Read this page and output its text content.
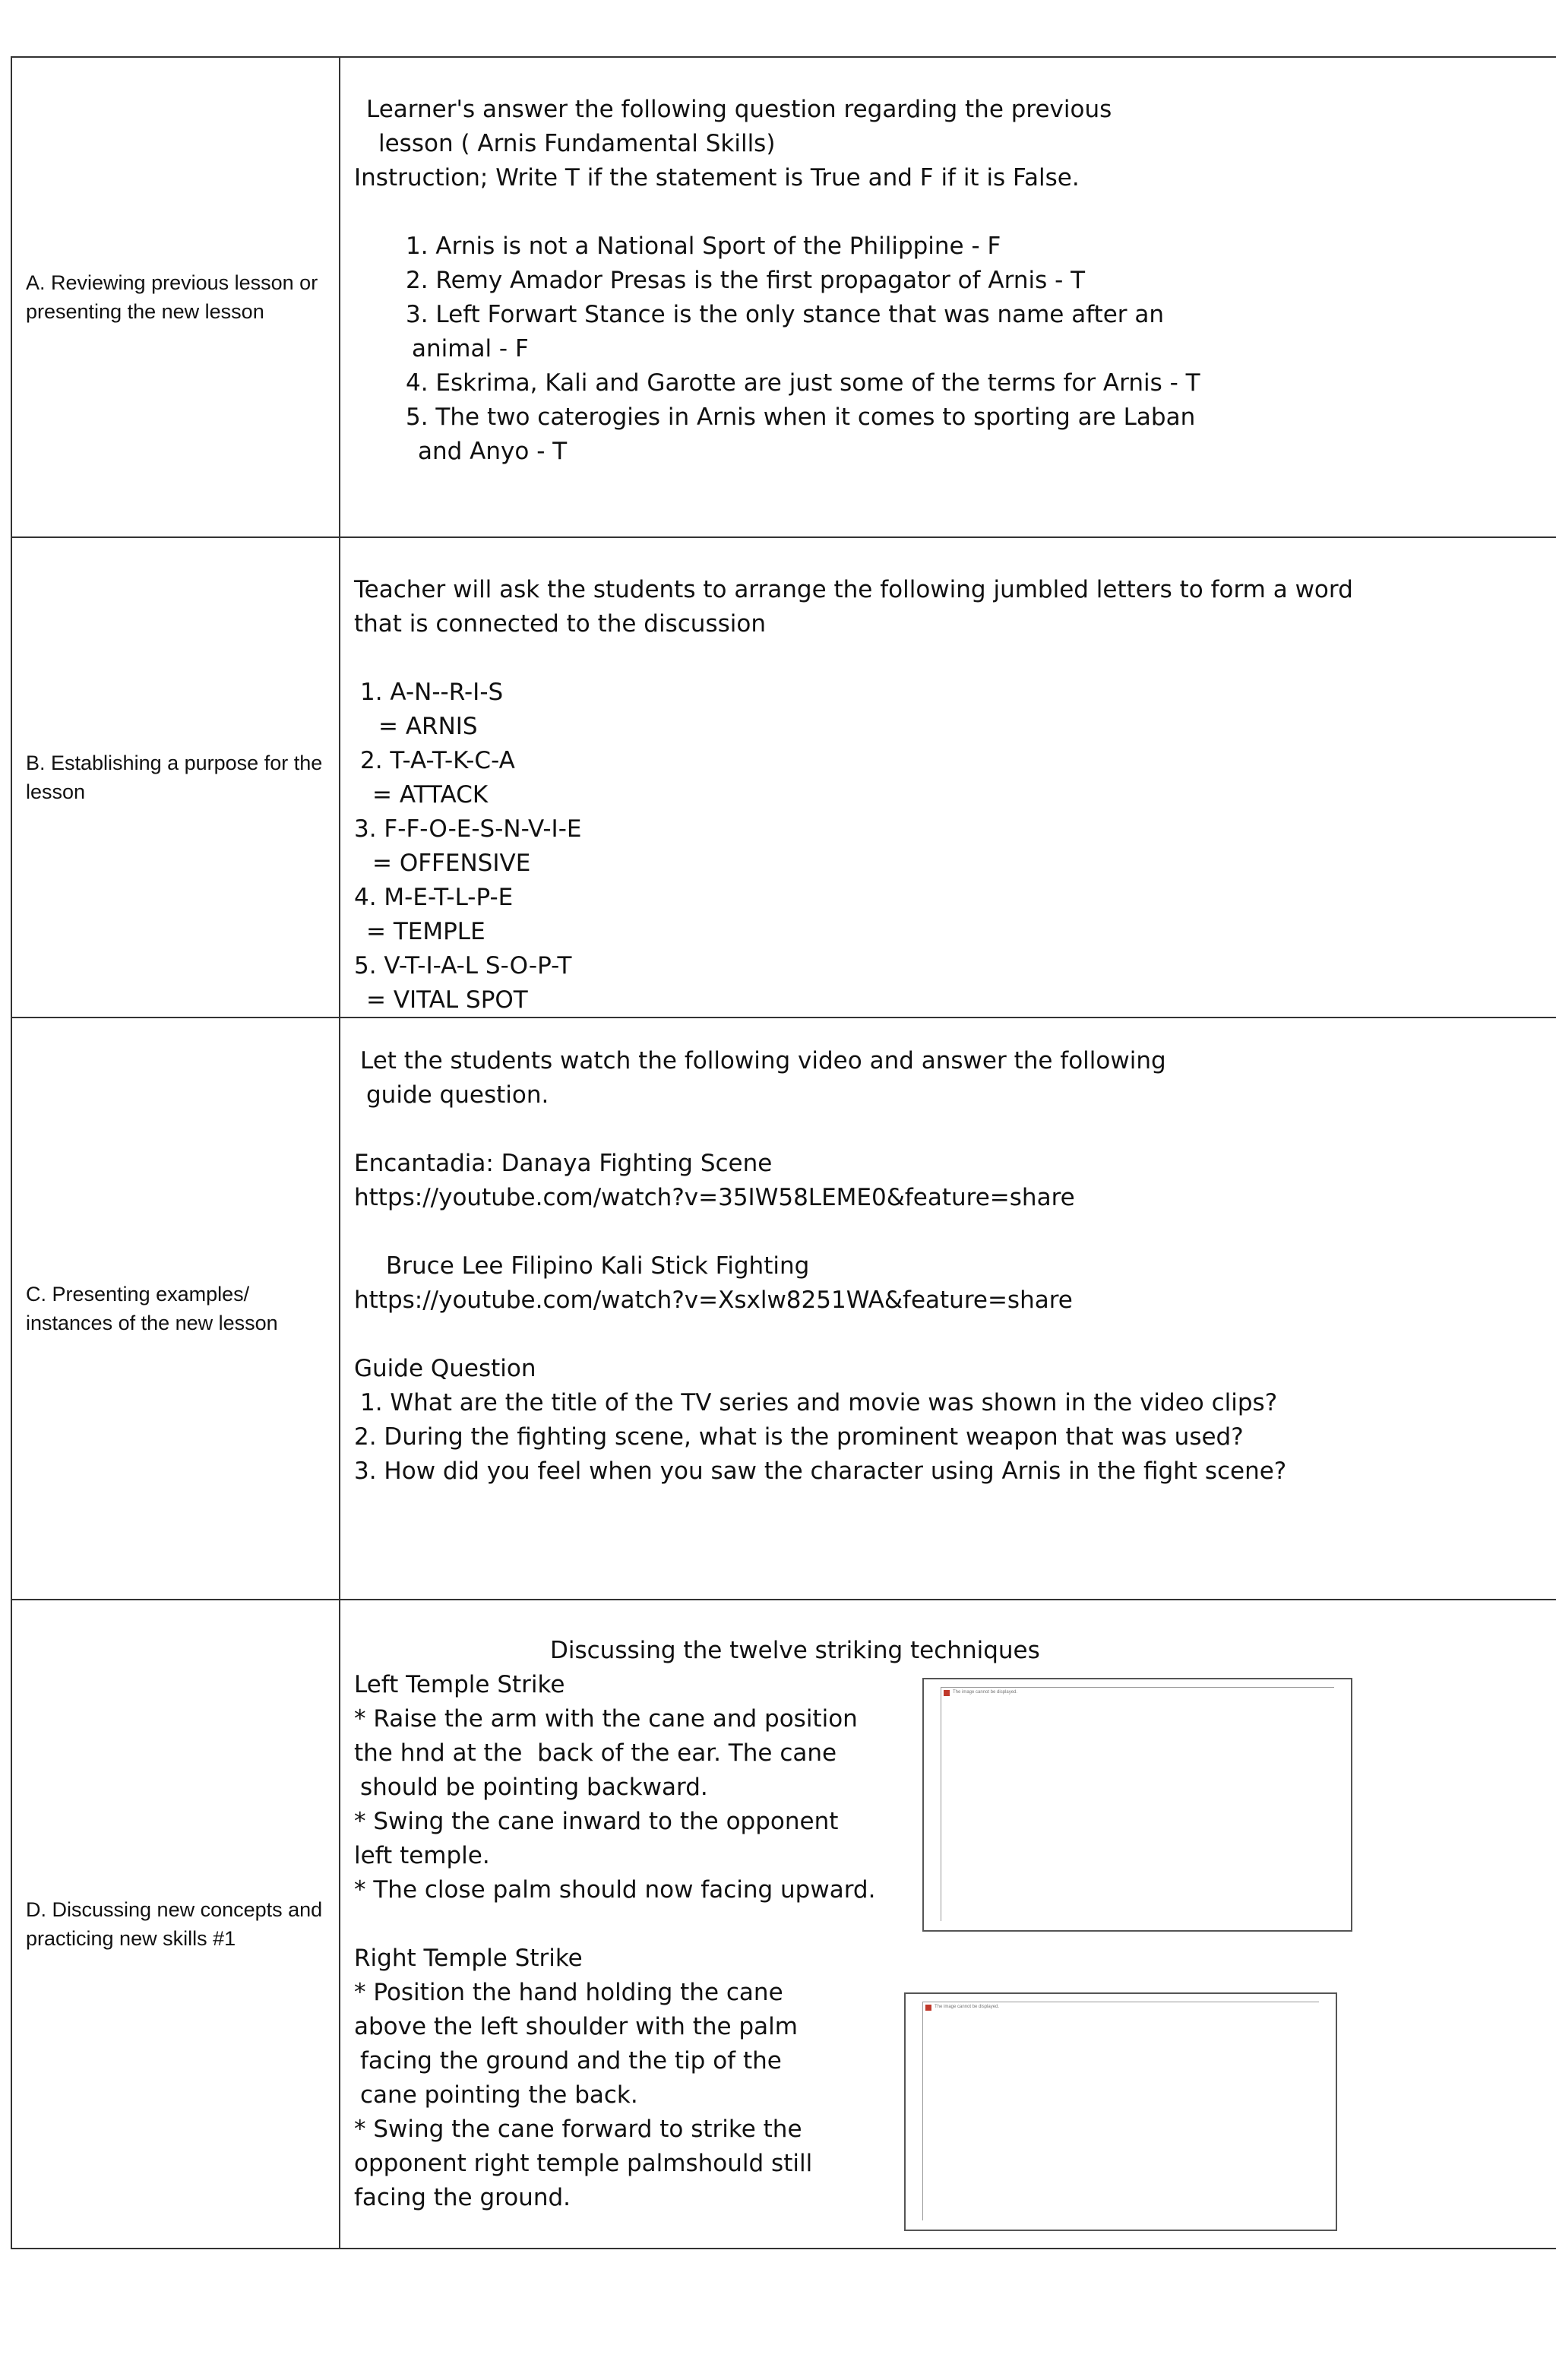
A. Reviewing previous lesson or presenting the new lesson
Learner's answer the following question regarding the previous
lesson ( Arnis Fundamental Skills)
Instruction; Write T if the statement is True and F if it is False.
1. Arnis is not a National Sport of the Philippine - F
2. Remy Amador Presas is the first propagator of Arnis - T
3. Left Forwart Stance is the only stance that was name after an
animal - F
4. Eskrima, Kali and Garotte are just some of the terms for Arnis - T
5. The two caterogies in Arnis when it comes to sporting are Laban
and Anyo - T
B. Establishing a purpose for the lesson
Teacher will ask the students to arrange the following jumbled letters to form a word
that is connected to the discussion
1. A-N--R-I-S
= ARNIS
2. T-A-T-K-C-A
= ATTACK
3. F-F-O-E-S-N-V-I-E
= OFFENSIVE
4. M-E-T-L-P-E
= TEMPLE
5. V-T-I-A-L S-O-P-T
= VITAL SPOT
C. Presenting examples/ instances of the new lesson
Let the students watch the following video and answer the following
guide question.
Encantadia: Danaya Fighting Scene
https://youtube.com/watch?v=35IW58LEME0&feature=share
Bruce Lee Filipino Kali Stick Fighting
https://youtube.com/watch?v=Xsxlw8251WA&feature=share
Guide Question
1. What are the title of the TV series and movie was shown in the video clips?
2. During the fighting scene, what is the prominent weapon that was used?
3. How did you feel when you saw the character using Arnis in the fight scene?
D. Discussing new concepts and practicing new skills #1
Discussing the twelve striking techniques
Left Temple Strike
* Raise the arm with the cane and position
the hnd at the  back of the ear. The cane
should be pointing backward.
* Swing the cane inward to the opponent
left temple.
* The close palm should now facing upward.
Right Temple Strike
* Position the hand holding the cane
above the left shoulder with the palm
facing the ground and the tip of the
cane pointing the back.
* Swing the cane forward to strike the
opponent right temple palmshould still
facing the ground.
The image cannot be displayed.
The image cannot be displayed.
